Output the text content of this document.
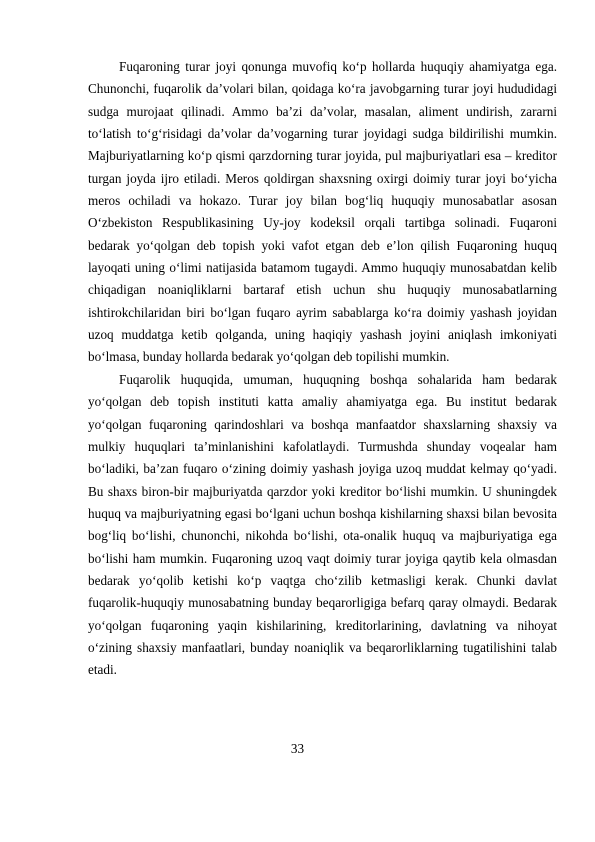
Fuqaroning turar joyi qonunga muvofiq ko‘p hollarda huquqiy ahamiyatga ega. Chunonchi, fuqarolik da’volari bilan, qoidaga ko‘ra javobgarning turar joyi hududidagi sudga murojaat qilinadi. Ammo ba’zi da’volar, masalan, aliment undirish, zararni to‘latish to‘g‘risidagi da’volar da’vogarning turar joyidagi sudga bildirilishi mumkin. Majburiyatlarning ko‘p qismi qarzdorning turar joyida, pul majburiyatlari esa – kreditor turgan joyda ijro etiladi. Meros qoldirgan shaxsning oxirgi doimiy turar joyi bo‘yicha meros ochiladi va hokazo. Turar joy bilan bog‘liq huquqiy munosabatlar asosan O‘zbekiston Respublikasining Uy-joy kodeksil orqali tartibga solinadi. Fuqaroni bedarak yo‘qolgan deb topish yoki vafot etgan deb e’lon qilish Fuqaroning huquq layoqati uning o‘limi natijasida batamom tugaydi. Ammo huquqiy munosabatdan kelib chiqadigan noaniqliklarni bartaraf etish uchun shu huquqiy munosabatlarning ishtirokchilaridan biri bo‘lgan fuqaro ayrim sabablarga ko‘ra doimiy yashash joyidan uzoq muddatga ketib qolganda, uning haqiqiy yashash joyini aniqlash imkoniyati bo‘lmasa, bunday hollarda bedarak yo‘qolgan deb topilishi mumkin.

Fuqarolik huquqida, umuman, huquqning boshqa sohalarida ham bedarak yo‘qolgan deb topish instituti katta amaliy ahamiyatga ega. Bu institut bedarak yo‘qolgan fuqaroning qarindoshlari va boshqa manfaatdor shaxslarning shaxsiy va mulkiy huquqlari ta’minlanishini kafolatlaydi. Turmushda shunday voqealar ham bo‘ladiki, ba’zan fuqaro o‘zining doimiy yashash joyiga uzoq muddat kelmay qo‘yadi. Bu shaxs biron-bir majburiyatda qarzdor yoki kreditor bo‘lishi mumkin. U shuningdek huquq va majburiyatning egasi bo‘lgani uchun boshqa kishilarning shaxsi bilan bevosita bog‘liq bo‘lishi, chunonchi, nikohda bo‘lishi, ota-onalik huquq va majburiyatiga ega bo‘lishi ham mumkin. Fuqaroning uzoq vaqt doimiy turar joyiga qaytib kela olmasdan bedarak yo‘qolib ketishi ko‘p vaqtga cho‘zilib ketmasligi kerak. Chunki davlat fuqarolik-huquqiy munosabatning bunday beqarorligiga befarq qaray olmaydi. Bedarak yo‘qolgan fuqaroning yaqin kishilarining, kreditorlarining, davlatning va nihoyat o‘zining shaxsiy manfaatlari, bunday noaniqlik va beqarorliklarning tugatilishini talab etadi.

33
